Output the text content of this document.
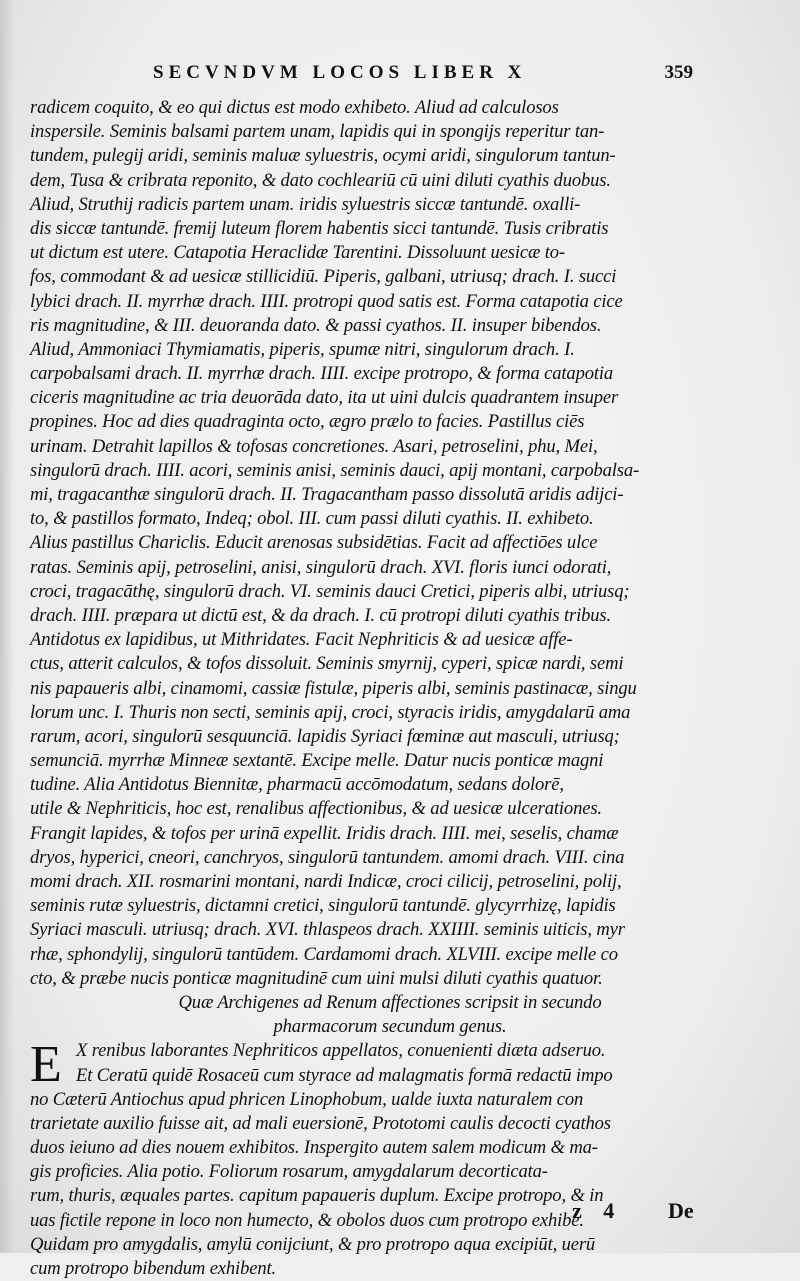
SECVNDVM LOCOS LIBER X	359
radicem coquito, & eo qui dictus est modo exhibeto. Aliud ad calculosos
inspersile. Seminis balsami partem unam, lapidis qui in spongijs reperitur tan-
tundem, pulegij aridi, seminis maluæ syluestris, ocymi aridi, singulorum tantun-
dem, Tusa & cribrata reponito, & dato cochleariū cū uini diluti cyathis duobus.
Aliud, Struthij radicis partem unam. iridis syluestris siccæ tantundē. oxalli-
dis siccæ tantundē. fremij luteum florem habentis sicci tantundē. Tusis cribratis
ut dictum est utere. Catapotia Heraclidæ Tarentini. Dissoluunt uesicæ to-
fos, commodant & ad uesicæ stillicidiū. Piperis, galbani, utriusq; drach. I. succi
lybici drach. II. myrrhæ drach. IIII. protropi quod satis est. Forma catapotia cice
ris magnitudine, & III. deuoranda dato. & passi cyathos. II. insuper bibendos.
Aliud, Ammoniaci Thymiamatis, piperis, spumæ nitri, singulorum drach. I.
carpobalsami drach. II. myrrhæ drach. IIII. excipe protropo, & forma catapotia
ciceris magnitudine ac tria deuorāda dato, ita ut uini dulcis quadrantem insuper
propines. Hoc ad dies quadraginta octo, ægro prælo to facies. Pastillus ciēs
urinam. Detrahit lapillos & tofosas concretiones. Asari, petroselini, phu, Mei,
singulorū drach. IIII. acori, seminis anisi, seminis dauci, apij montani, carpobalsa-
mi, tragacanthæ singulorū drach. II. Tragacantham passo dissolutā aridis adijci-
to, & pastillos formato, Indeq; obol. III. cum passi diluti cyathis. II. exhibeto.
Alius pastillus Chariclis. Educit arenosas subsidētias. Facit ad affectiōes ulce
ratas. Seminis apij, petroselini, anisi, singulorū drach. XVI. floris iunci odorati,
croci, tragacāthę, singulorū drach. VI. seminis dauci Cretici, piperis albi, utriusq;
drach. IIII. præpara ut dictū est, & da drach. I. cū protropi diluti cyathis tribus.
Antidotus ex lapidibus, ut Mithridates. Facit Nephriticis & ad uesicæ affe-
ctus, atterit calculos, & tofos dissoluit. Seminis smyrnij, cyperi, spicæ nardi, semi
nis papaueris albi, cinamomi, cassiæ fistulæ, piperis albi, seminis pastinacæ, singu
lorum unc. I. Thuris non secti, seminis apij, croci, styracis iridis, amygdalarū ama
rarum, acori, singulorū sesquunciā. lapidis Syriaci fœminæ aut masculi, utriusq;
semunciā. myrrhæ Minneæ sextantē. Excipe melle. Datur nucis ponticæ magni
tudine. Alia Antidotus Biennitæ, pharmacū accōmodatum, sedans dolorē,
utile & Nephriticis, hoc est, renalibus affectionibus, & ad uesicæ ulcerationes.
Frangit lapides, & tofos per urinā expellit. Iridis drach. IIII. mei, seselis, chamæ
dryos, hyperici, cneori, canchryos, singulorū tantundem. amomi drach. VIII. cina
momi drach. XII. rosmarini montani, nardi Indicæ, croci cilicij, petroselini, polij,
seminis rutæ syluestris, dictamni cretici, singulorū tantundē. glycyrrhizę, lapidis
Syriaci masculi. utriusq; drach. XVI. thlaspeos drach. XXIIII. seminis uiticis, myr
rhæ, sphondylij, singulorū tantūdem. Cardamomi drach. XLVIII. excipe melle co
cto, & præbe nucis ponticæ magnitudinē cum uini mulsi diluti cyathis quatuor.
Quæ Archigenes ad Renum affectiones scripsit in secundo
pharmacorum secundum genus.
E X renibus laborantes Nephriticos appellatos, conuenienti diæta adseruo.
Et Ceratū quidē Rosaceū cum styrace ad malagmatis formā redactū impo
no Cæterū Antiochus apud phricen Linophobum, ualde iuxta naturalem con
trarietate auxilio fuisse ait, ad mali euersionē, Prototomi caulis decocti cyathos
duos ieiuno ad dies nouem exhibitos. Inspergito autem salem modicum & ma-
gis proficies. Alia potio. Foliorum rosarum, amygdalarum decorticata-
rum, thuris, æquales partes. capitum papaueris duplum. Excipe protropo, & in
uas fictile repone in loco non humecto, & obolos duos cum protropo exhibe.
Quidam pro amygdalis, amylū conijciunt, & pro protropo aqua excipiūt, uerū
cum protropo bibendum exhibent.
z 4 De
